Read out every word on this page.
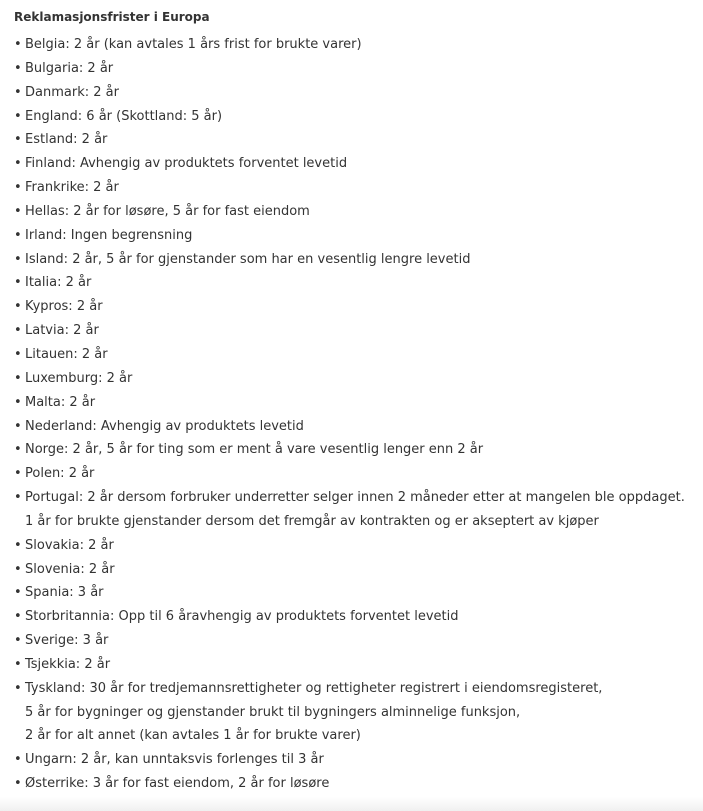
Reklamasjonsfrister i Europa
• Belgia: 2 år (kan avtales 1 års frist for brukte varer)
• Bulgaria: 2 år
• Danmark: 2 år
• England: 6 år (Skottland: 5 år)
• Estland: 2 år
• Finland: Avhengig av produktets forventet levetid
• Frankrike: 2 år
• Hellas: 2 år for løsøre, 5 år for fast eiendom
• Irland: Ingen begrensning
• Island: 2 år, 5 år for gjenstander som har en vesentlig lengre levetid
• Italia: 2 år
• Kypros: 2 år
• Latvia: 2 år
• Litauen: 2 år
• Luxemburg: 2 år
• Malta: 2 år
• Nederland: Avhengig av produktets levetid
• Norge: 2 år, 5 år for ting som er ment å vare vesentlig lenger enn 2 år
• Polen: 2 år
• Portugal: 2 år dersom forbruker underretter selger innen 2 måneder etter at mangelen ble oppdaget.
1 år for brukte gjenstander dersom det fremgår av kontrakten og er akseptert av kjøper
• Slovakia: 2 år
• Slovenia: 2 år
• Spania: 3 år
• Storbritannia: Opp til 6 åravhengig av produktets forventet levetid
• Sverige: 3 år
• Tsjekkia: 2 år
• Tyskland: 30 år for tredjemannsrettigheter og rettigheter registrert i eiendomsregisteret,
5 år for bygninger og gjenstander brukt til bygningers alminnelige funksjon,
2 år for alt annet (kan avtales 1 år for brukte varer)
• Ungarn: 2 år, kan unntaksvis forlenges til 3 år
• Østerrike: 3 år for fast eiendom, 2 år for løsøre
